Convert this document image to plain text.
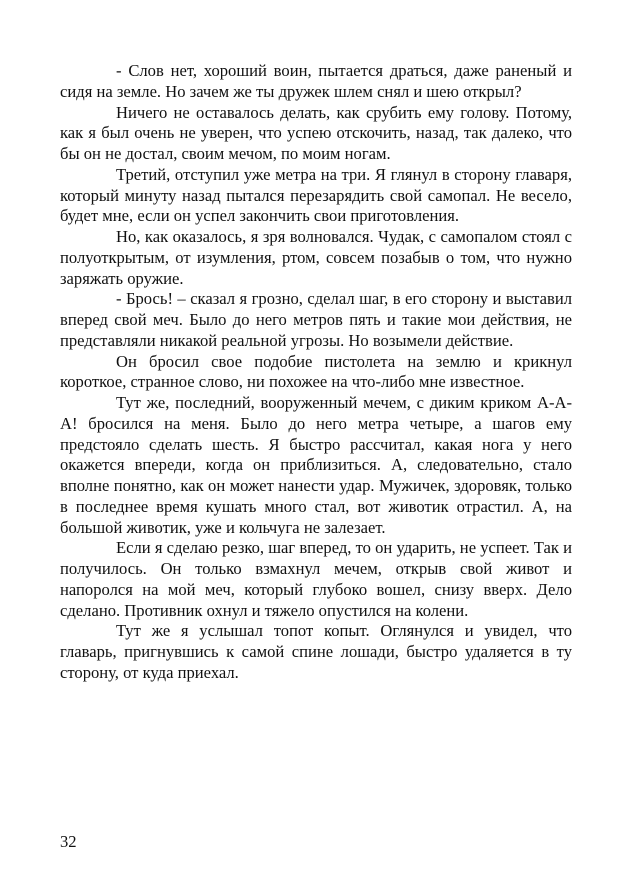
- Слов нет, хороший воин, пытается драться, даже раненый и сидя на земле. Но зачем же ты дружек шлем снял и шею открыл?

Ничего не оставалось делать, как срубить ему голову. Потому, как я был очень не уверен, что успею отскочить, назад, так далеко, что бы он не достал, своим мечом, по моим ногам.

Третий, отступил уже метра на три. Я глянул в сторону главаря, который минуту назад пытался перезарядить свой самопал. Не весело, будет мне, если он успел закончить свои приготовления.

Но, как оказалось, я зря волновался. Чудак, с самопалом стоял с полуоткрытым, от изумления, ртом, совсем позабыв о том, что нужно заряжать оружие.

- Брось! – сказал я грозно, сделал шаг, в его сторону и выставил вперед свой меч. Было до него метров пять и такие мои действия, не представляли никакой реальной угрозы. Но возымели действие.

Он бросил свое подобие пистолета на землю и крикнул короткое, странное слово, ни похожее на что-либо мне известное.

Тут же, последний, вооруженный мечем, с диким криком А-А-А! бросился на меня. Было до него метра четыре, а шагов ему предстояло сделать шесть. Я быстро рассчитал, какая нога у него окажется впереди, когда он приблизиться. А, следовательно, стало вполне понятно, как он может нанести удар. Мужичек, здоровяк, только в последнее время кушать много стал, вот животик отрастил. А, на большой животик, уже и кольчуга не залезает.

Если я сделаю резко, шаг вперед, то он ударить, не успеет. Так и получилось. Он только взмахнул мечем, открыв свой живот и напоролся на мой меч, который глубоко вошел, снизу вверх. Дело сделано. Противник охнул и тяжело опустился на колени.

Тут же я услышал топот копыт. Оглянулся и увидел, что главарь, пригнувшись к самой спине лошади, быстро удаляется в ту сторону, от куда приехал.

32
